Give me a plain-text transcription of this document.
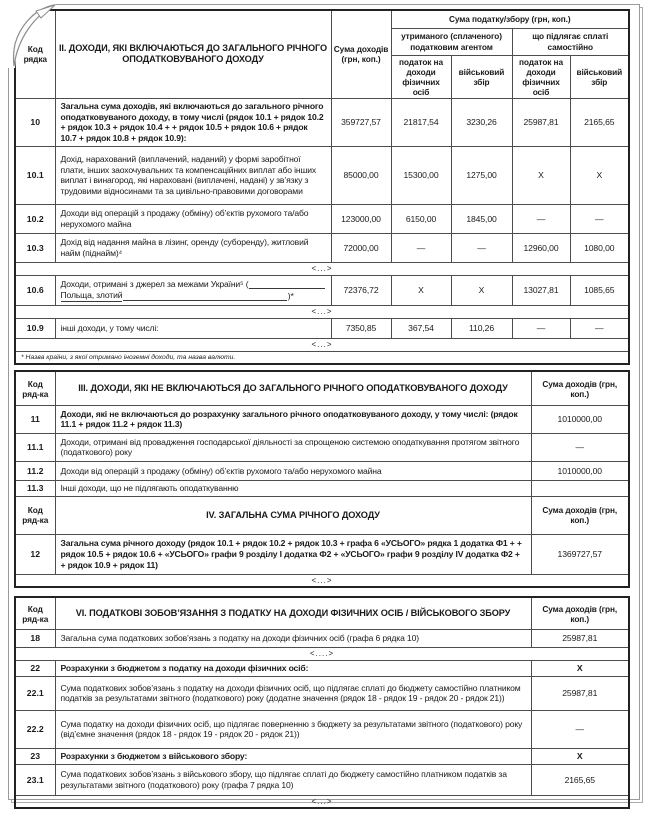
Код рядка	II. ДОХОДИ, ЯКІ ВКЛЮЧАЮТЬСЯ ДО ЗАГАЛЬНОГО РІЧНОГО ОПОДАТКОВУВАНОГО ДОХОДУ	Сума доходів (грн, коп.)	Сума податку/збору (грн, коп.)			
			утриманого (сплаченого) податковим агентом		що підлягає сплаті самостійно	
			податок на доходи фізичних осіб	військовий збір	податок на доходи фізичних осіб	військовий збір
10	Загальна сума доходів, які включаються до загального річного оподатковуваного доходу, в тому числі (рядок 10.1 + рядок 10.2 + рядок 10.3 + рядок 10.4 + + рядок 10.5 + рядок 10.6 + рядок 10.7 + рядок 10.8 + рядок 10.9):	359727,57	21817,54	3230,26	25987,81	2165,65
10.1	Дохід, нарахований (виплачений, наданий) у формі заробітної плати, інших заохочувальних та компенсаційних виплат або інших виплат і винагород, які нараховані (виплачені, надані) у зв’язку з трудовими відносинами та за цивільно-правовими договорами	85000,00	15300,00	1275,00	X	X
10.2	Доходи від операцій з продажу (обміну) об’єктів рухомого та/або нерухомого майна	123000,00	6150,00	1845,00	—	—
10.3	Дохід від надання майна в лізинг, оренду (суборенду), житловий найм (піднайм)⁴	72000,00	—	—	12960,00	1080,00
<...>						
10.6	Доходи, отримані з джерел за межами України⁵ (
Польща, злотий )*	72376,72	X	X	13027,81	1085,65
<...>						
10.9	інші доходи, у тому числі:	7350,85	367,54	110,26	—	—
<...>						
* Назва країни, з якої отримано іноземні доходи, та назва валюти.						
Код ряд-ка	III. ДОХОДИ, ЯКІ НЕ ВКЛЮЧАЮТЬСЯ ДО ЗАГАЛЬНОГО РІЧНОГО ОПОДАТКОВУВАНОГО ДОХОДУ	Сума доходів (грн, коп.)
11	Доходи, які не включаються до розрахунку загального річного оподатковуваного доходу, у тому числі: (рядок 11.1 + рядок 11.2 + рядок 11.3)	1010000,00
11.1	Доходи, отримані від провадження господарської діяльності за спрощеною системою оподаткування протягом звітного (податкового) року	—
11.2	Доходи від операцій з продажу (обміну) об’єктів рухомого та/або нерухомого майна	1010000,00
11.3	Інші доходи, що не підлягають оподаткуванню	
Код ряд-ка	IV. ЗАГАЛЬНА СУМА РІЧНОГО ДОХОДУ	Сума доходів (грн, коп.)
12	Загальна сума річного доходу (рядок 10.1 + рядок 10.2 + рядок 10.3 + графа 6 «УСЬОГО» рядка 1 додатка Ф1 + + рядок 10.5 + рядок 10.6 + «УСЬОГО» графи 9 розділу I додатка Ф2 + «УСЬОГО» графи 9 розділу IV додатка Ф2 + + рядок 10.9 + рядок 11)	1369727,57
<...>		
Код ряд-ка	VI. ПОДАТКОВІ ЗОБОВ’ЯЗАННЯ З ПОДАТКУ НА ДОХОДИ ФІЗИЧНИХ ОСІБ / ВІЙСЬКОВОГО ЗБОРУ	Сума доходів (грн, коп.)
18	Загальна сума податкових зобов’язань з податку на доходи фізичних осіб (графа 6 рядка 10)	25987,81
<....>		
22	Розрахунки з бюджетом з податку на доходи фізичних осіб:	X
22.1	Сума податкових зобов’язань з податку на доходи фізичних осіб, що підлягає сплаті до бюджету самостійно платником податків за результатами звітного (податкового) року (додатне значення (рядок 18 - рядок 19 - рядок 20 - рядок 21))	25987,81
22.2	Сума податку на доходи фізичних осіб, що підлягає поверненню з бюджету за результатами звітного (податкового) року (від’ємне значення (рядок 18 - рядок 19 - рядок 20 - рядок 21))	—
23	Розрахунки з бюджетом з військового збору:	X
23.1	Сума податкових зобов’язань з військового збору, що підлягає сплаті до бюджету самостійно платником податків за результатами звітного (податкового) року (графа 7 рядка 10)	2165,65
<...>		
